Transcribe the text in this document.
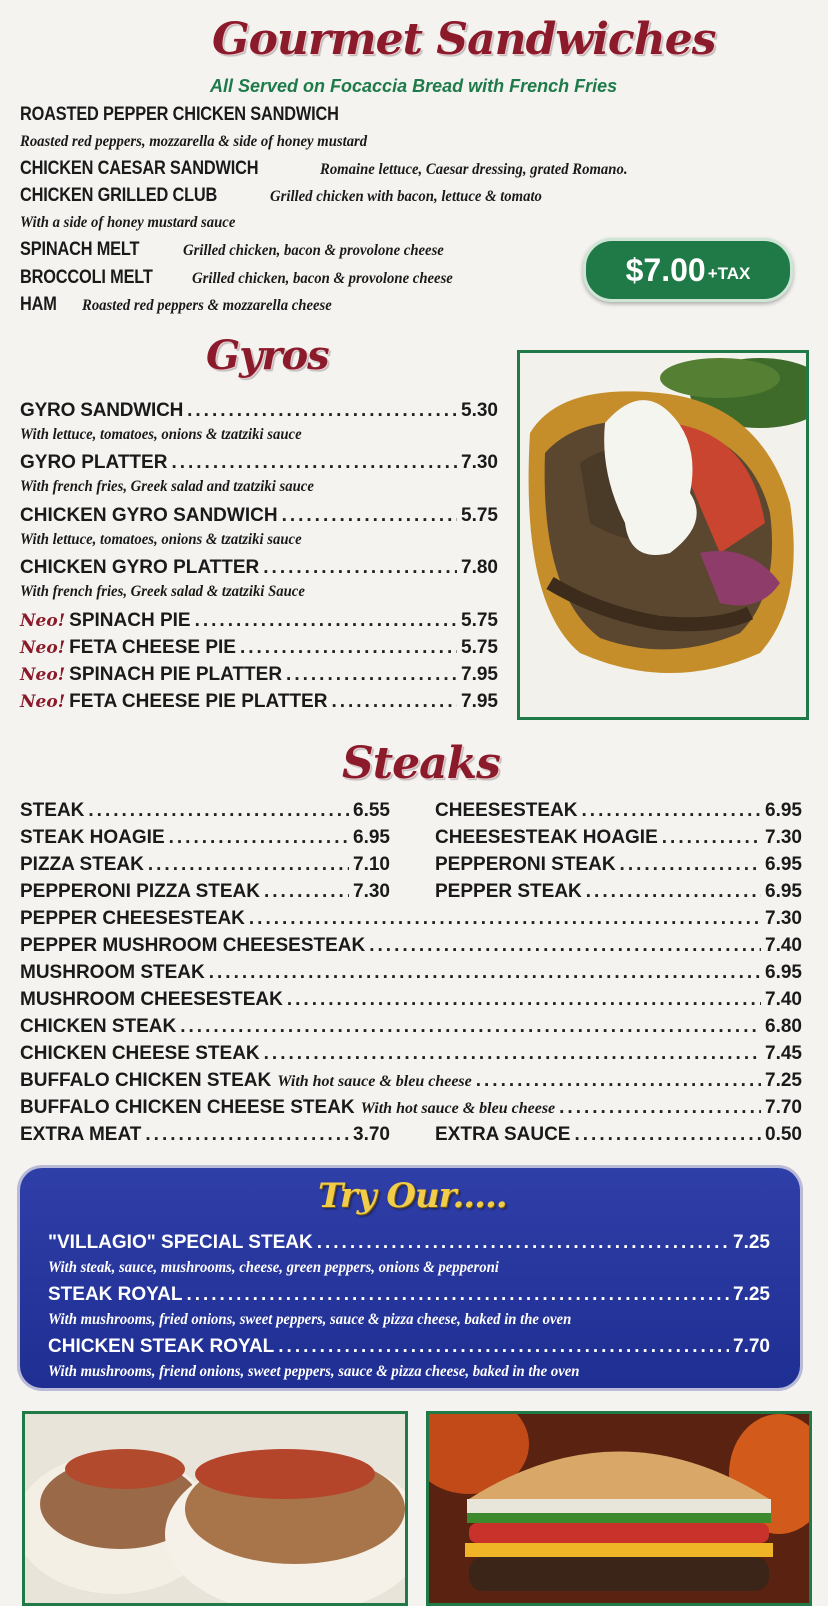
Gourmet Sandwiches
All Served on Focaccia Bread with French Fries
ROASTED PEPPER CHICKEN SANDWICH
Roasted red peppers, mozzarella & side of honey mustard
CHICKEN CAESAR SANDWICH	Romaine lettuce, Caesar dressing, grated Romano.
CHICKEN GRILLED CLUB	Grilled chicken with bacon, lettuce & tomato
With a side of honey mustard sauce
SPINACH MELT	Grilled chicken, bacon & provolone cheese
BROCCOLI MELT Grilled chicken, bacon & provolone cheese
HAM Roasted red peppers & mozzarella cheese
$7.00 +TAX
Gyros
GYRO SANDWICH .....	5.30
With lettuce, tomatoes, onions & tzatziki sauce
GYRO PLATTER .....	7.30
With french fries, Greek salad and tzatziki sauce
CHICKEN GYRO SANDWICH .....	5.75
With lettuce, tomatoes, onions & tzatziki sauce
CHICKEN GYRO PLATTER .....	7.80
With french fries, Greek salad & tzatziki Sauce
Neo! SPINACH PIE .....	5.75
Neo! FETA CHEESE PIE .....	5.75
Neo! SPINACH PIE PLATTER .....	7.95
Neo! FETA CHEESE PIE PLATTER .....	7.95
Steaks
STEAK .....	6.55
STEAK HOAGIE .....	6.95
PIZZA STEAK .....	7.10
PEPPERONI PIZZA STEAK .....	7.30
CHEESESTEAK .....	6.95
CHEESESTEAK HOAGIE .....	7.30
PEPPERONI STEAK .....	6.95
PEPPER STEAK .....	6.95
PEPPER CHEESESTEAK .....	7.30
PEPPER MUSHROOM CHEESESTEAK .....	7.40
MUSHROOM STEAK .....	6.95
MUSHROOM CHEESESTEAK .....	7.40
CHICKEN STEAK .....	6.80
CHICKEN CHEESE STEAK .....	7.45
BUFFALO CHICKEN STEAK With hot sauce & bleu cheese .....	7.25
BUFFALO CHICKEN CHEESE STEAK With hot sauce & bleu cheese .....	7.70
EXTRA MEAT .....	3.70 EXTRA SAUCE .....	0.50
Try Our.....
"VILLAGIO" SPECIAL STEAK .....	7.25
With steak, sauce, mushrooms, cheese, green peppers, onions & pepperoni
STEAK ROYAL .....	7.25
With mushrooms, fried onions, sweet peppers, sauce & pizza cheese, baked in the oven
CHICKEN STEAK ROYAL .....	7.70
With mushrooms, friend onions, sweet peppers, sauce & pizza cheese, baked in the oven
